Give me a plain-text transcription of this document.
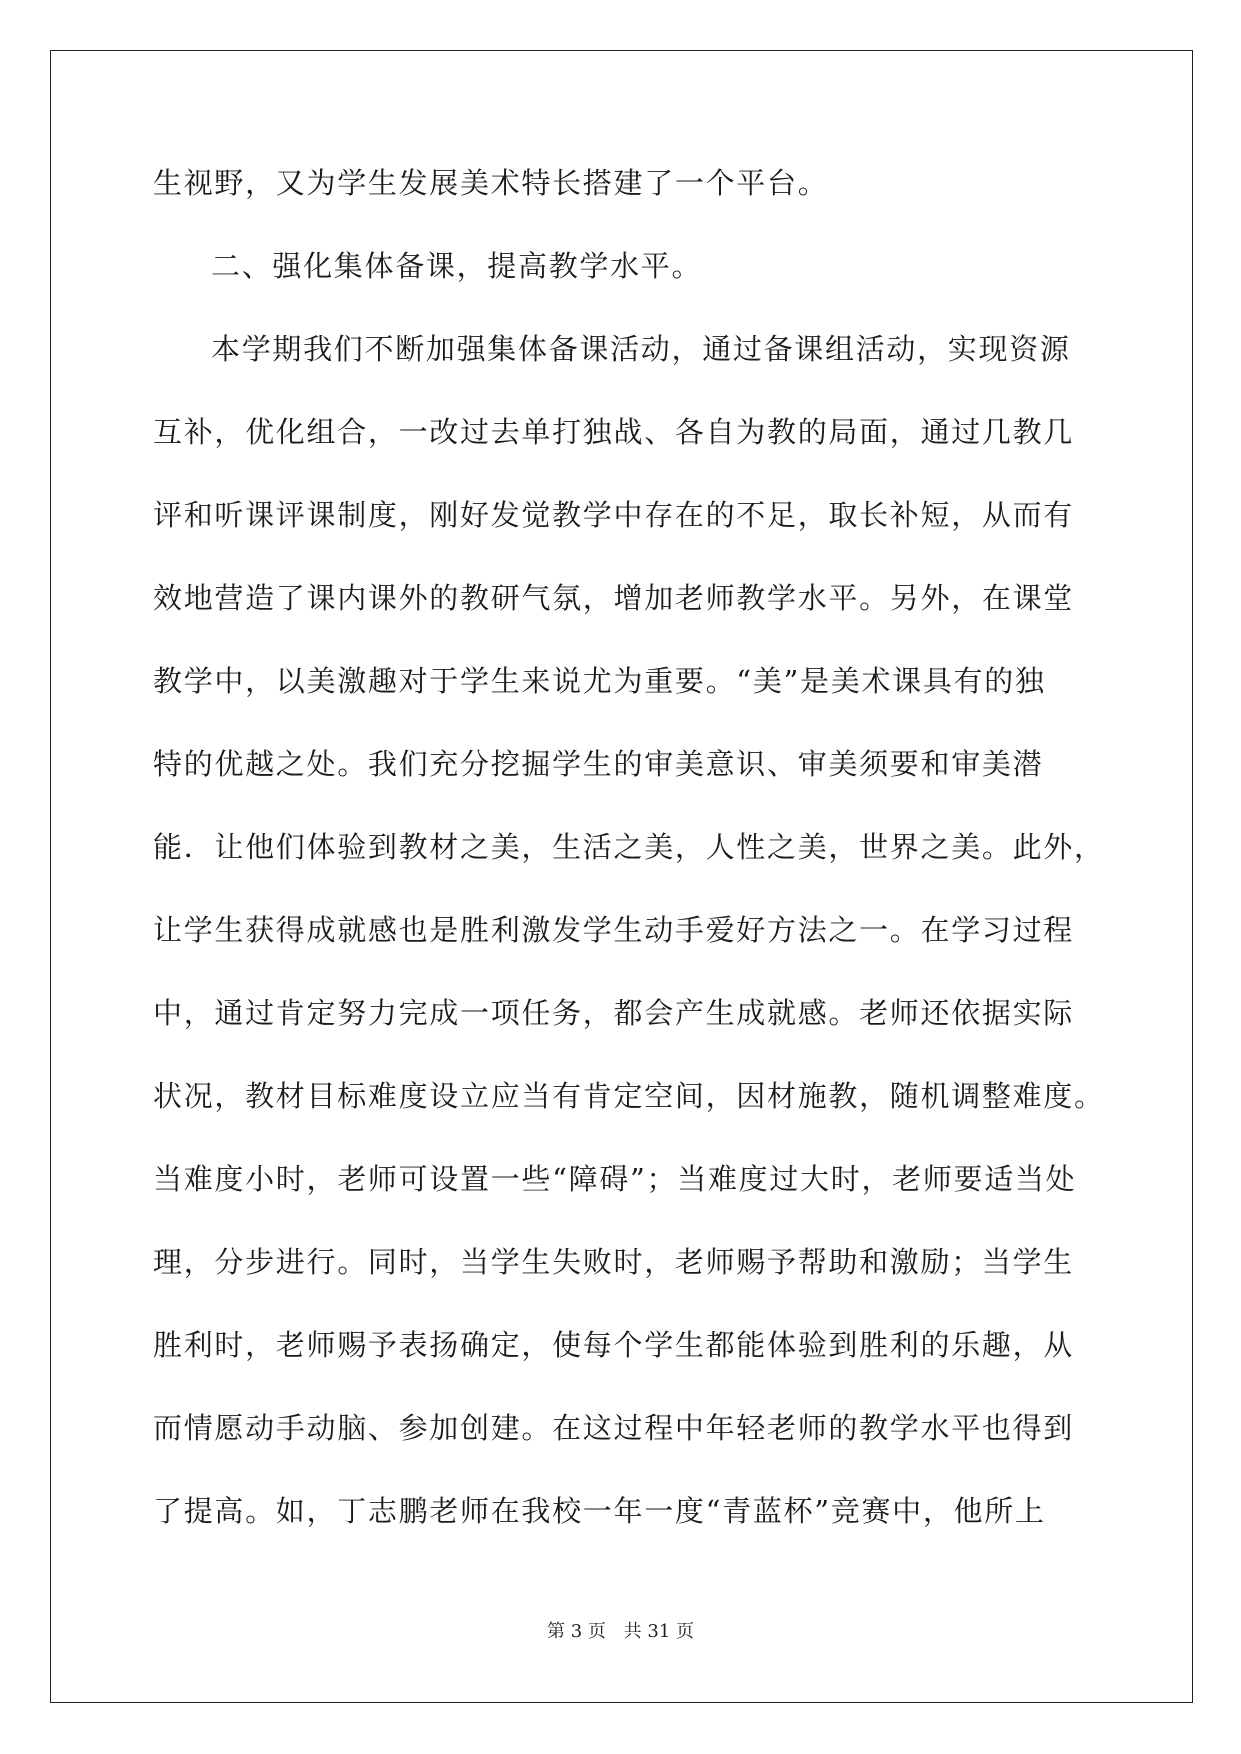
生视野，又为学生发展美术特长搭建了一个平台。
二、强化集体备课，提高教学水平。
本学期我们不断加强集体备课活动，通过备课组活动，实现资源
互补，优化组合，一改过去单打独战、各自为教的局面，通过几教几
评和听课评课制度，刚好发觉教学中存在的不足，取长补短，从而有
效地营造了课内课外的教研气氛，增加老师教学水平。另外，在课堂
教学中，以美激趣对于学生来说尤为重要。“美”是美术课具有的独
特的优越之处。我们充分挖掘学生的审美意识、审美须要和审美潜
能．让他们体验到教材之美，生活之美，人性之美，世界之美。此外，
让学生获得成就感也是胜利激发学生动手爱好方法之一。在学习过程
中，通过肯定努力完成一项任务，都会产生成就感。老师还依据实际
状况，教材目标难度设立应当有肯定空间，因材施教，随机调整难度。
当难度小时，老师可设置一些“障碍”；当难度过大时，老师要适当处
理，分步进行。同时，当学生失败时，老师赐予帮助和激励；当学生
胜利时，老师赐予表扬确定，使每个学生都能体验到胜利的乐趣，从
而情愿动手动脑、参加创建。在这过程中年轻老师的教学水平也得到
了提高。如，丁志鹏老师在我校一年一度“青蓝杯”竞赛中，他所上
第 3 页 共 31 页
